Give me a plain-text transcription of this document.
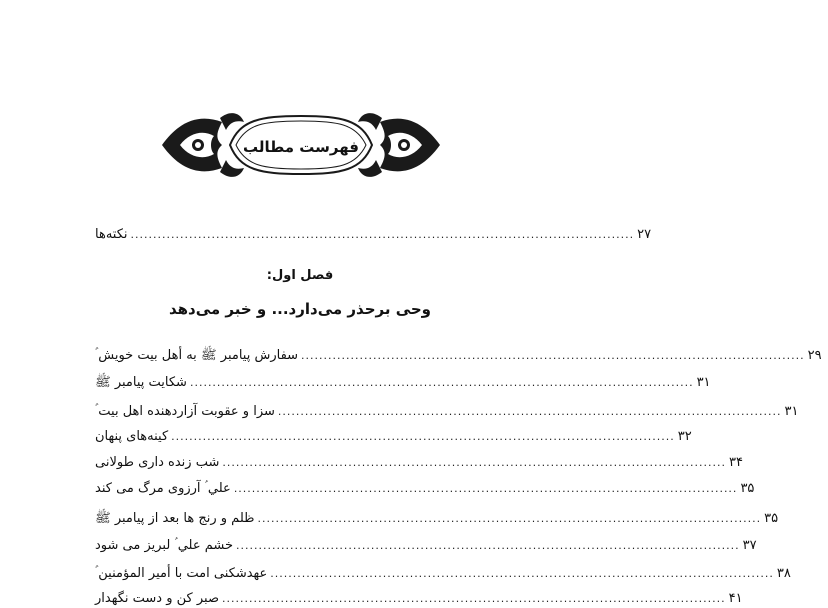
فهرست مطالب
نکته‌ها ................................................................................................................ ۲۷
فصل اول:
وحی برحذر می‌دارد... و خبر می‌دهد
سفارش پیامبر ﷺ به أهل بیت خویش ؑ ................................................................................................................ ۲۹
شکایت پیامبر ﷺ ................................................................................................................ ۳۱
سزا و عقوبت آزاردهنده اهل بیت ؑ ................................................................................................................ ۳۱
کینه‌های پنهان ................................................................................................................ ۳۲
شب زنده داری طولانی ................................................................................................................ ۳۴
علي ؑ آرزوی مرگ می کند ................................................................................................................ ۳۵
ظلم و رنج ها بعد از پیامبر ﷺ ................................................................................................................ ۳۵
خشم علي ؑ لبریز می شود ................................................................................................................ ۳۷
عهدشکنی امت با أمیر المؤمنین ؑ ................................................................................................................ ۳۸
صبر کن و دست نگهدار ................................................................................................................ ۴۱
